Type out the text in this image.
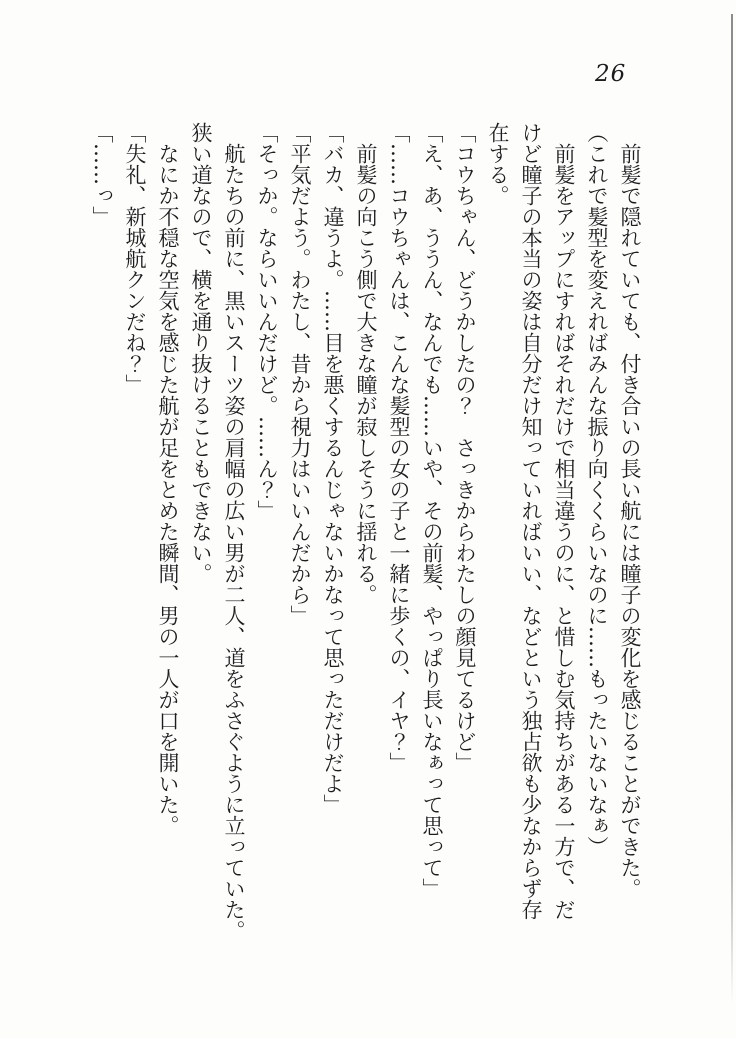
26

前髪で隠れていても、付き合いの長い航には瞳子の変化を感じることができた。

（これで髪型を変えればみんな振り向くくらいなのに……もったいないなぁ）

前髪をアップにすればそれだけで相当違うのに、と惜しむ気持ちがある一方で、だ

けど瞳子の本当の姿は自分だけ知っていればいい、などという独占欲も少なからず存

在する。

「コウちゃん、どうかしたの？　さっきからわたしの顔見てるけど」

「え、あ、ううん、なんでも……いや、その前髪、やっぱり長いなぁって思って」

「……コウちゃんは、こんな髪型の女の子と一緒に歩くの、イヤ？」

前髪の向こう側で大きな瞳が寂しそうに揺れる。

「バカ、違うよ。……目を悪くするんじゃないかなって思っただけだよ」

「平気だよう。わたし、昔から視力はいいんだから」

「そっか。ならいいんだけど。……ん？」

航たちの前に、黒いスーツ姿の肩幅の広い男が二人、道をふさぐように立っていた。

狭い道なので、横を通り抜けることもできない。

なにか不穏な空気を感じた航が足をとめた瞬間、男の一人が口を開いた。

「失礼、新城航クンだね？」

「……っ」
